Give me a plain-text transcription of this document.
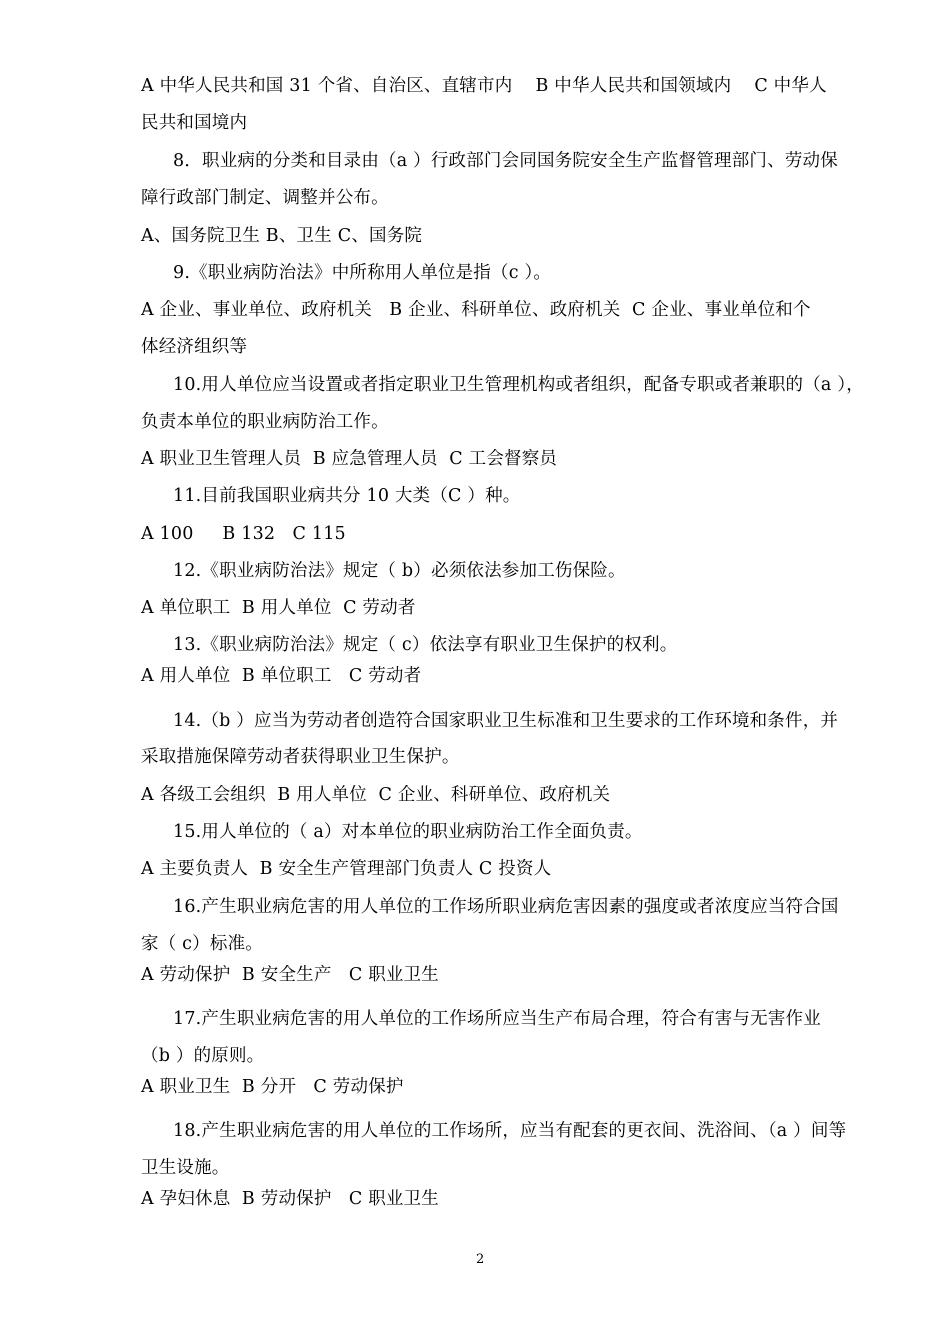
A 中华人民共和国 31 个省、自治区、直辖市内    B 中华人民共和国领域内    C 中华人
民共和国境内
8．职业病的分类和目录由（a ）行政部门会同国务院安全生产监督管理部门、劳动保
障行政部门制定、调整并公布。
A、国务院卫生 B、卫生 C、国务院
9.《职业病防治法》中所称用人单位是指（c ）。
A 企业、事业单位、政府机关   B 企业、科研单位、政府机关  C 企业、事业单位和个
体经济组织等
10.用人单位应当设置或者指定职业卫生管理机构或者组织，配备专职或者兼职的（a ），
负责本单位的职业病防治工作。
A 职业卫生管理人员  B 应急管理人员  C 工会督察员
11.目前我国职业病共分 10 大类（C ）种。
A 100     B 132   C 115
12.《职业病防治法》规定（ b）必须依法参加工伤保险。
A 单位职工  B 用人单位  C 劳动者
13.《职业病防治法》规定（ c）依法享有职业卫生保护的权利。
A 用人单位  B 单位职工   C 劳动者
14.（b ）应当为劳动者创造符合国家职业卫生标准和卫生要求的工作环境和条件，并
采取措施保障劳动者获得职业卫生保护。
A 各级工会组织  B 用人单位  C 企业、科研单位、政府机关
15.用人单位的（ a）对本单位的职业病防治工作全面负责。
A 主要负责人  B 安全生产管理部门负责人 C 投资人
16.产生职业病危害的用人单位的工作场所职业病危害因素的强度或者浓度应当符合国
家（ c）标准。
A 劳动保护  B 安全生产   C 职业卫生
17.产生职业病危害的用人单位的工作场所应当生产布局合理，符合有害与无害作业
（b ）的原则。
A 职业卫生  B 分开   C 劳动保护
18.产生职业病危害的用人单位的工作场所，应当有配套的更衣间、洗浴间、（a ）间等
卫生设施。
A 孕妇休息  B 劳动保护   C 职业卫生
2
